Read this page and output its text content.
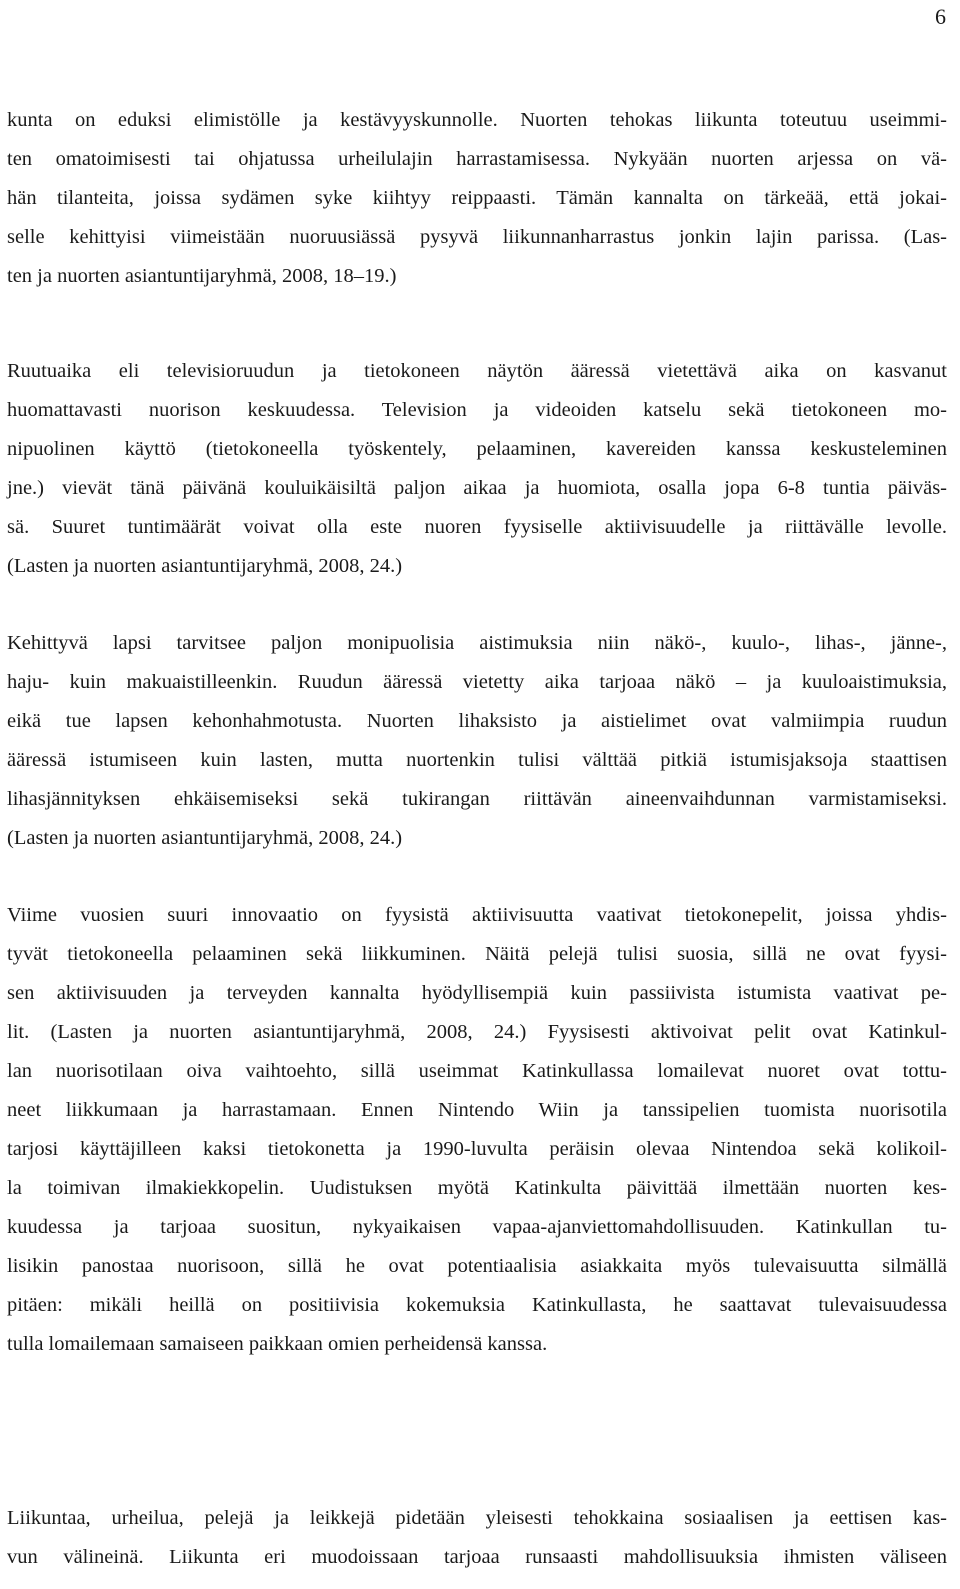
6
kunta on eduksi elimistölle ja kestävyyskunnolle. Nuorten tehokas liikunta toteutuu useimmi-
ten omatoimisesti tai ohjatussa urheilulajin harrastamisessa. Nykyään nuorten arjessa on vä-
hän tilanteita, joissa sydämen syke kiihtyy reippaasti. Tämän kannalta on tärkeää, että jokai-
selle kehittyisi viimeistään nuoruusiässä pysyvä liikunnanharrastus jonkin lajin parissa. (Las-
ten ja nuorten asiantuntijaryhmä, 2008, 18–19.)
Ruutuaika eli televisioruudun ja tietokoneen näytön ääressä vietettävä aika on kasvanut
huomattavasti nuorison keskuudessa. Television ja videoiden katselu sekä tietokoneen mo-
nipuolinen käyttö (tietokoneella työskentely, pelaaminen, kavereiden kanssa keskusteleminen
jne.) vievät tänä päivänä kouluikäisiltä paljon aikaa ja huomiota, osalla jopa 6-8 tuntia päiväs-
sä. Suuret tuntimäärät voivat olla este nuoren fyysiselle aktiivisuudelle ja riittävälle levolle.
(Lasten ja nuorten asiantuntijaryhmä, 2008, 24.)
Kehittyvä lapsi tarvitsee paljon monipuolisia aistimuksia niin näkö-, kuulo-, lihas-, jänne-,
haju- kuin makuaistilleenkin. Ruudun ääressä vietetty aika tarjoaa näkö – ja kuuloaistimuksia,
eikä tue lapsen kehonhahmotusta. Nuorten lihaksisto ja aistielimet ovat valmiimpia ruudun
ääressä istumiseen kuin lasten, mutta nuortenkin tulisi välttää pitkiä istumisjaksoja staattisen
lihasjännityksen ehkäisemiseksi sekä tukirangan riittävän aineenvaihdunnan varmistamiseksi.
(Lasten ja nuorten asiantuntijaryhmä, 2008, 24.)
Viime vuosien suuri innovaatio on fyysistä aktiivisuutta vaativat tietokonepelit, joissa yhdis-
tyvät tietokoneella pelaaminen sekä liikkuminen. Näitä pelejä tulisi suosia, sillä ne ovat fyysi-
sen aktiivisuuden ja terveyden kannalta hyödyllisempiä kuin passiivista istumista vaativat pe-
lit. (Lasten ja nuorten asiantuntijaryhmä, 2008, 24.) Fyysisesti aktivoivat pelit ovat Katinkul-
lan nuorisotilaan oiva vaihtoehto, sillä useimmat Katinkullassa lomailevat nuoret ovat tottu-
neet liikkumaan ja harrastamaan. Ennen Nintendo Wiin ja tanssipelien tuomista nuorisotila
tarjosi käyttäjilleen kaksi tietokonetta ja 1990-luvulta peräisin olevaa Nintendoa sekä kolikoil-
la toimivan ilmakiekkopelin. Uudistuksen myötä Katinkulta päivittää ilmettään nuorten kes-
kuudessa ja tarjoaa suositun, nykyaikaisen vapaa-ajanviettomahdollisuuden. Katinkullan tu-
lisikin panostaa nuorisoon, sillä he ovat potentiaalisia asiakkaita myös tulevaisuutta silmällä
pitäen: mikäli heillä on positiivisia kokemuksia Katinkullasta, he saattavat tulevaisuudessa
tulla lomailemaan samaiseen paikkaan omien perheidensä kanssa.
Liikuntaa, urheilua, pelejä ja leikkejä pidetään yleisesti tehokkaina sosiaalisen ja eettisen kas-
vun välineinä. Liikunta eri muodoissaan tarjoaa runsaasti mahdollisuuksia ihmisten väliseen
